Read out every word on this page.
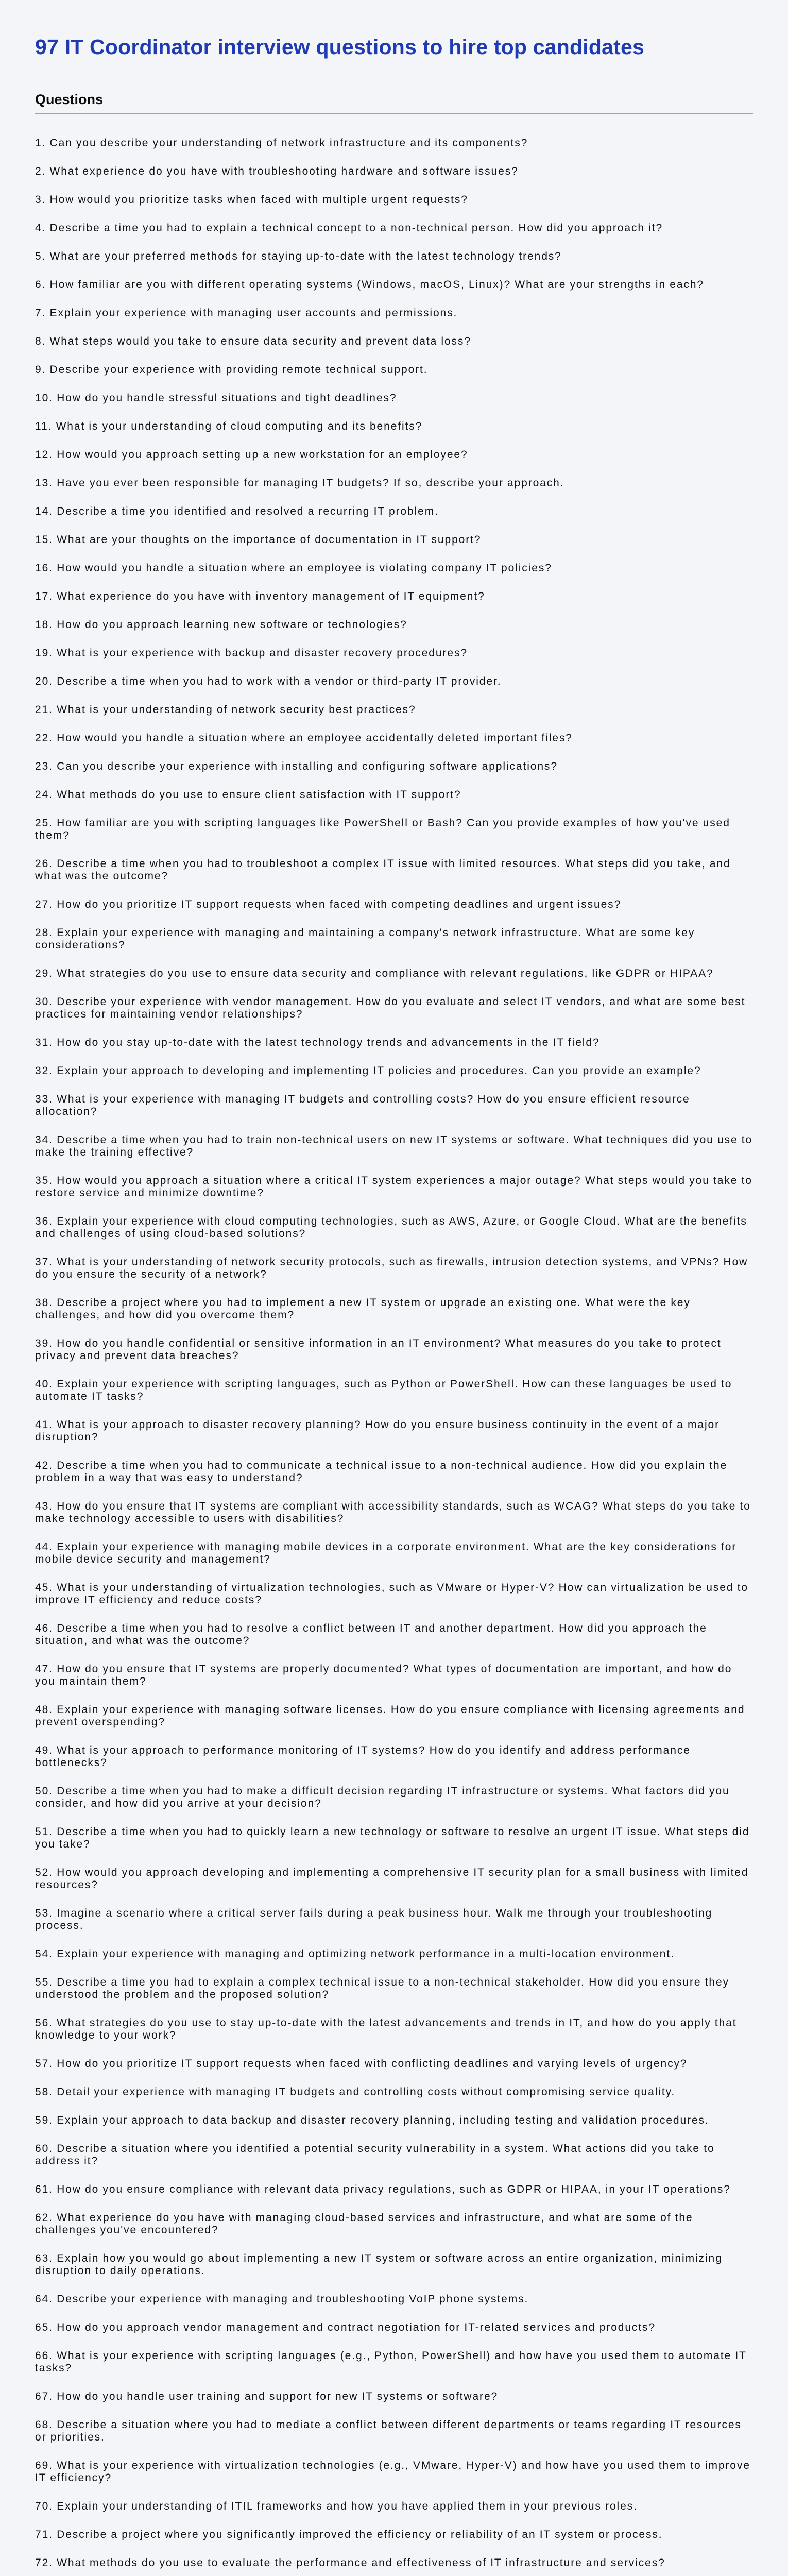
97 IT Coordinator interview questions to hire top candidates
Questions
1. Can you describe your understanding of network infrastructure and its components?
2. What experience do you have with troubleshooting hardware and software issues?
3. How would you prioritize tasks when faced with multiple urgent requests?
4. Describe a time you had to explain a technical concept to a non-technical person. How did you approach it?
5. What are your preferred methods for staying up-to-date with the latest technology trends?
6. How familiar are you with different operating systems (Windows, macOS, Linux)? What are your strengths in each?
7. Explain your experience with managing user accounts and permissions.
8. What steps would you take to ensure data security and prevent data loss?
9. Describe your experience with providing remote technical support.
10. How do you handle stressful situations and tight deadlines?
11. What is your understanding of cloud computing and its benefits?
12. How would you approach setting up a new workstation for an employee?
13. Have you ever been responsible for managing IT budgets? If so, describe your approach.
14. Describe a time you identified and resolved a recurring IT problem.
15. What are your thoughts on the importance of documentation in IT support?
16. How would you handle a situation where an employee is violating company IT policies?
17. What experience do you have with inventory management of IT equipment?
18. How do you approach learning new software or technologies?
19. What is your experience with backup and disaster recovery procedures?
20. Describe a time when you had to work with a vendor or third-party IT provider.
21. What is your understanding of network security best practices?
22. How would you handle a situation where an employee accidentally deleted important files?
23. Can you describe your experience with installing and configuring software applications?
24. What methods do you use to ensure client satisfaction with IT support?
25. How familiar are you with scripting languages like PowerShell or Bash? Can you provide examples of how you've used them?
26. Describe a time when you had to troubleshoot a complex IT issue with limited resources. What steps did you take, and what was the outcome?
27. How do you prioritize IT support requests when faced with competing deadlines and urgent issues?
28. Explain your experience with managing and maintaining a company's network infrastructure. What are some key considerations?
29. What strategies do you use to ensure data security and compliance with relevant regulations, like GDPR or HIPAA?
30. Describe your experience with vendor management. How do you evaluate and select IT vendors, and what are some best practices for maintaining vendor relationships?
31. How do you stay up-to-date with the latest technology trends and advancements in the IT field?
32. Explain your approach to developing and implementing IT policies and procedures. Can you provide an example?
33. What is your experience with managing IT budgets and controlling costs? How do you ensure efficient resource allocation?
34. Describe a time when you had to train non-technical users on new IT systems or software. What techniques did you use to make the training effective?
35. How would you approach a situation where a critical IT system experiences a major outage? What steps would you take to restore service and minimize downtime?
36. Explain your experience with cloud computing technologies, such as AWS, Azure, or Google Cloud. What are the benefits and challenges of using cloud-based solutions?
37. What is your understanding of network security protocols, such as firewalls, intrusion detection systems, and VPNs? How do you ensure the security of a network?
38. Describe a project where you had to implement a new IT system or upgrade an existing one. What were the key challenges, and how did you overcome them?
39. How do you handle confidential or sensitive information in an IT environment? What measures do you take to protect privacy and prevent data breaches?
40. Explain your experience with scripting languages, such as Python or PowerShell. How can these languages be used to automate IT tasks?
41. What is your approach to disaster recovery planning? How do you ensure business continuity in the event of a major disruption?
42. Describe a time when you had to communicate a technical issue to a non-technical audience. How did you explain the problem in a way that was easy to understand?
43. How do you ensure that IT systems are compliant with accessibility standards, such as WCAG? What steps do you take to make technology accessible to users with disabilities?
44. Explain your experience with managing mobile devices in a corporate environment. What are the key considerations for mobile device security and management?
45. What is your understanding of virtualization technologies, such as VMware or Hyper-V? How can virtualization be used to improve IT efficiency and reduce costs?
46. Describe a time when you had to resolve a conflict between IT and another department. How did you approach the situation, and what was the outcome?
47. How do you ensure that IT systems are properly documented? What types of documentation are important, and how do you maintain them?
48. Explain your experience with managing software licenses. How do you ensure compliance with licensing agreements and prevent overspending?
49. What is your approach to performance monitoring of IT systems? How do you identify and address performance bottlenecks?
50. Describe a time when you had to make a difficult decision regarding IT infrastructure or systems. What factors did you consider, and how did you arrive at your decision?
51. Describe a time when you had to quickly learn a new technology or software to resolve an urgent IT issue. What steps did you take?
52. How would you approach developing and implementing a comprehensive IT security plan for a small business with limited resources?
53. Imagine a scenario where a critical server fails during a peak business hour. Walk me through your troubleshooting process.
54. Explain your experience with managing and optimizing network performance in a multi-location environment.
55. Describe a time you had to explain a complex technical issue to a non-technical stakeholder. How did you ensure they understood the problem and the proposed solution?
56. What strategies do you use to stay up-to-date with the latest advancements and trends in IT, and how do you apply that knowledge to your work?
57. How do you prioritize IT support requests when faced with conflicting deadlines and varying levels of urgency?
58. Detail your experience with managing IT budgets and controlling costs without compromising service quality.
59. Explain your approach to data backup and disaster recovery planning, including testing and validation procedures.
60. Describe a situation where you identified a potential security vulnerability in a system. What actions did you take to address it?
61. How do you ensure compliance with relevant data privacy regulations, such as GDPR or HIPAA, in your IT operations?
62. What experience do you have with managing cloud-based services and infrastructure, and what are some of the challenges you've encountered?
63. Explain how you would go about implementing a new IT system or software across an entire organization, minimizing disruption to daily operations.
64. Describe your experience with managing and troubleshooting VoIP phone systems.
65. How do you approach vendor management and contract negotiation for IT-related services and products?
66. What is your experience with scripting languages (e.g., Python, PowerShell) and how have you used them to automate IT tasks?
67. How do you handle user training and support for new IT systems or software?
68. Describe a situation where you had to mediate a conflict between different departments or teams regarding IT resources or priorities.
69. What is your experience with virtualization technologies (e.g., VMware, Hyper-V) and how have you used them to improve IT efficiency?
70. Explain your understanding of ITIL frameworks and how you have applied them in your previous roles.
71. Describe a project where you significantly improved the efficiency or reliability of an IT system or process.
72. What methods do you use to evaluate the performance and effectiveness of IT infrastructure and services?
